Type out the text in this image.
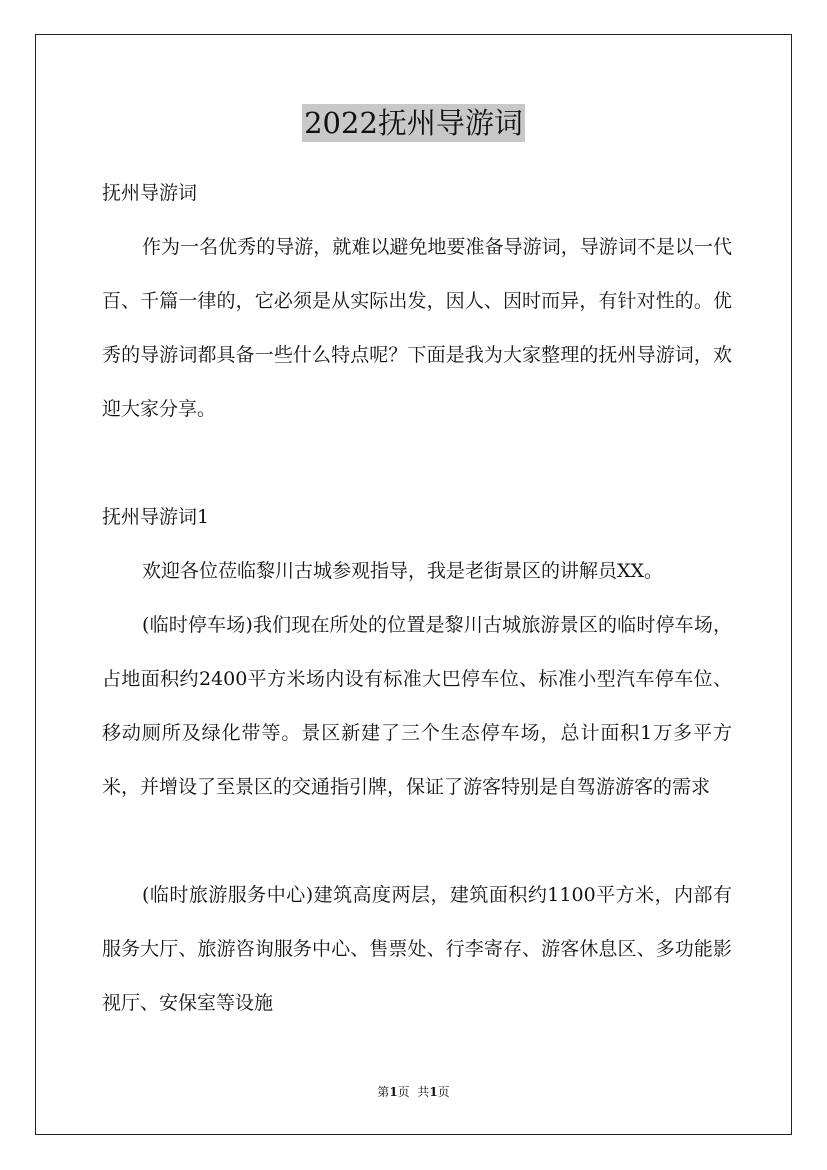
2022抚州导游词

抚州导游词

作为一名优秀的导游，就难以避免地要准备导游词，导游词不是以一代百、千篇一律的，它必须是从实际出发，因人、因时而异，有针对性的。优秀的导游词都具备一些什么特点呢？下面是我为大家整理的抚州导游词，欢迎大家分享。

抚州导游词1

欢迎各位莅临黎川古城参观指导，我是老街景区的讲解员XX。

(临时停车场)我们现在所处的位置是黎川古城旅游景区的临时停车场，占地面积约2400平方米场内设有标准大巴停车位、标准小型汽车停车位、移动厕所及绿化带等。景区新建了三个生态停车场，总计面积1万多平方米，并增设了至景区的交通指引牌，保证了游客特别是自驾游游客的需求

(临时旅游服务中心)建筑高度两层，建筑面积约1100平方米，内部有服务大厅、旅游咨询服务中心、售票处、行李寄存、游客休息区、多功能影视厅、安保室等设施

第1页  共1页
